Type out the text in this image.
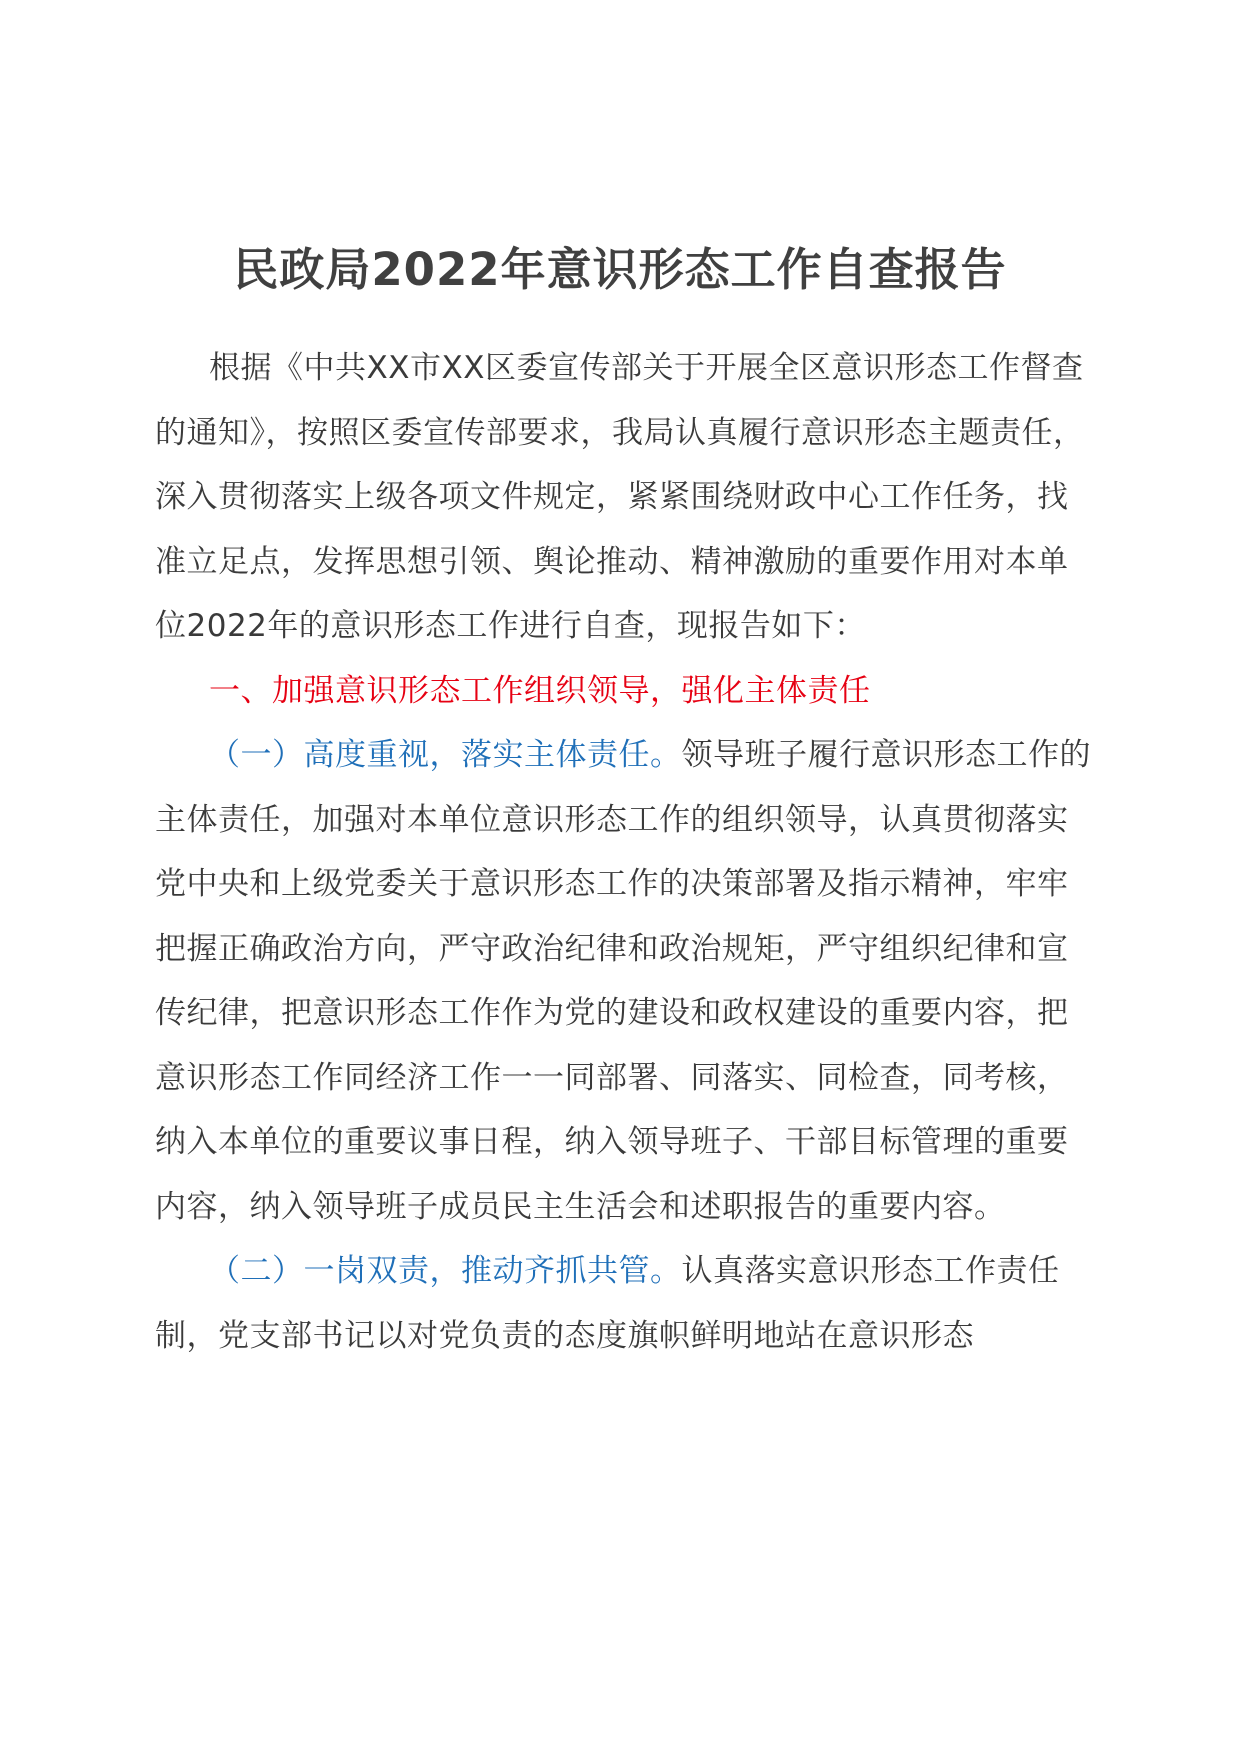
民政局2022年意识形态工作自查报告

根据《中共XX市XX区委宣传部关于开展全区意识形态工作督查的通知》，按照区委宣传部要求，我局认真履行意识形态主题责任，深入贯彻落实上级各项文件规定，紧紧围绕财政中心工作任务，找准立足点，发挥思想引领、舆论推动、精神激励的重要作用对本单位2022年的意识形态工作进行自查，现报告如下：

一、加强意识形态工作组织领导，强化主体责任

（一）高度重视，落实主体责任。领导班子履行意识形态工作的主体责任，加强对本单位意识形态工作的组织领导，认真贯彻落实党中央和上级党委关于意识形态工作的决策部署及指示精神，牢牢把握正确政治方向，严守政治纪律和政治规矩，严守组织纪律和宣传纪律，把意识形态工作作为党的建设和政权建设的重要内容，把意识形态工作同经济工作一一同部署、同落实、同检查，同考核，纳入本单位的重要议事日程，纳入领导班子、干部目标管理的重要内容，纳入领导班子成员民主生活会和述职报告的重要内容。

（二）一岗双责，推动齐抓共管。认真落实意识形态工作责任制，党支部书记以对党负责的态度旗帜鲜明地站在意识形态
